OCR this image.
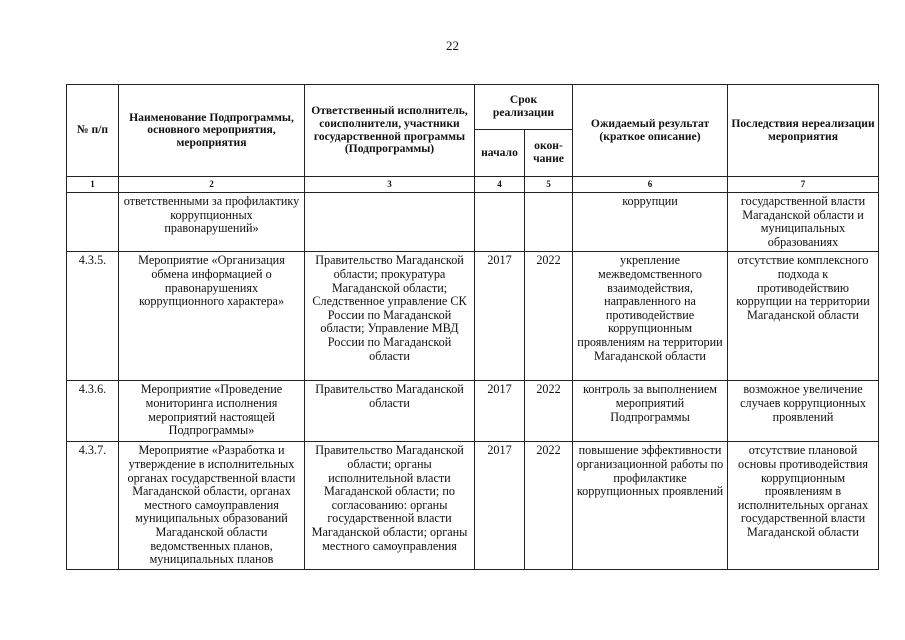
22
№ п/п	Наименование Подпрограммы, основного мероприятия, мероприятия	Ответственный исполнитель, соисполнители, участники государственной программы (Подпрограммы)	Срок реализации		Ожидаемый результат (краткое описание)	Последствия нереализации мероприятия
			начало	окон-чание		
1	2	3	4	5	6	7
	ответственными за профилактику коррупционных правонарушений»				коррупции	государственной власти Магаданской области и муниципальных образованиях
4.3.5.	Мероприятие «Организация обмена информацией о правонарушениях коррупционного характера»	Правительство Магаданской области; прокуратура Магаданской области; Следственное управление СК России по Магаданской области; Управление МВД России по Магаданской области	2017	2022	укрепление межведомственного взаимодействия, направленного на противодействие коррупционным проявлениям на территории Магаданской области	отсутствие комплексного подхода к противодействию коррупции на территории Магаданской области
4.3.6.	Мероприятие «Проведение мониторинга исполнения мероприятий настоящей Подпрограммы»	Правительство Магаданской области	2017	2022	контроль за выполнением мероприятий Подпрограммы	возможное увеличение случаев коррупционных проявлений
4.3.7.	Мероприятие «Разработка и утверждение в исполнительных органах государственной власти Магаданской области, органах местного самоуправления муниципальных образований Магаданской области ведомственных планов, муниципальных планов	Правительство Магаданской области; органы исполнительной власти Магаданской области; по согласованию: органы государственной власти Магаданской области; органы местного самоуправления	2017	2022	повышение эффективности организационной работы по профилактике коррупционных проявлений	отсутствие плановой основы противодействия коррупционным проявлениям в исполнительных органах государственной власти Магаданской области
